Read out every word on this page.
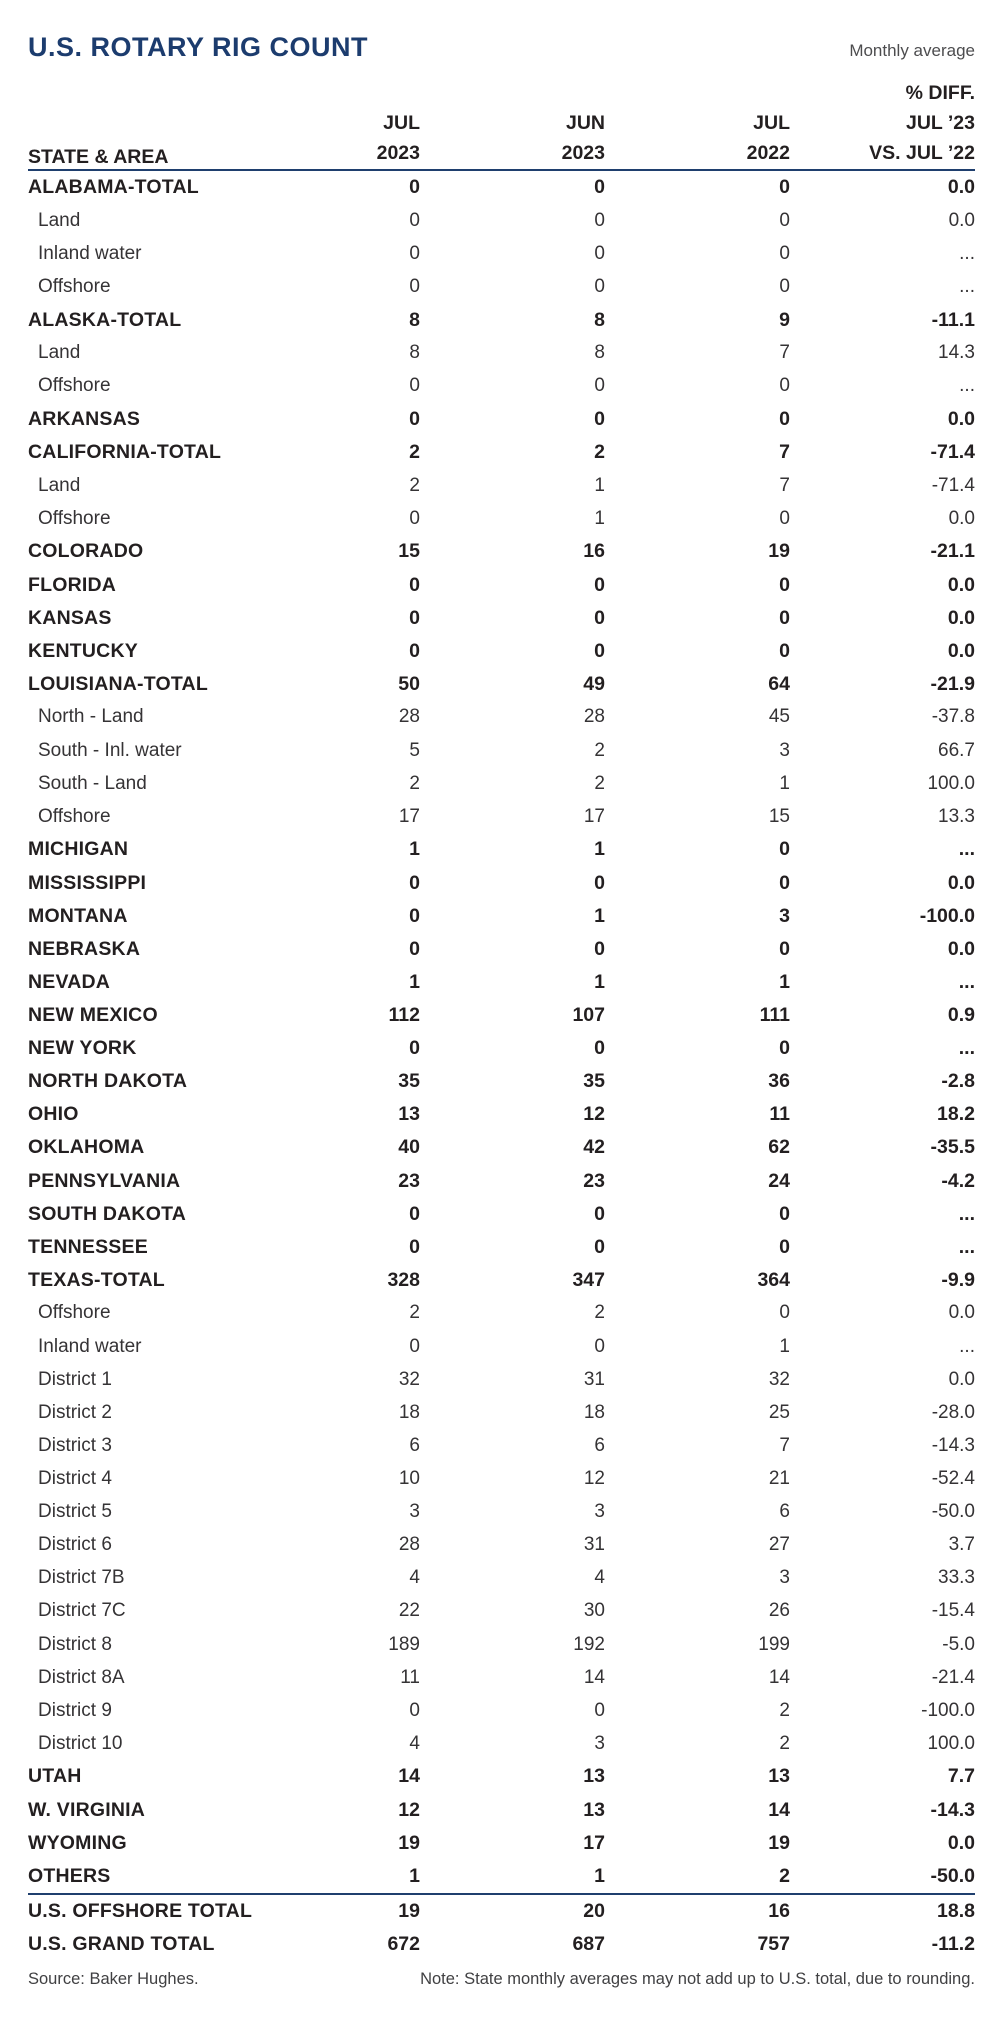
U.S. ROTARY RIG COUNT	Monthly average
% DIFF.
JUL	JUN	JUL	JUL ’23
STATE & AREA	2023	2023	2022	VS. JUL ’22
ALABAMA-TOTAL	0	0	0	0.0
Land	0	0	0	0.0
Inland water	0	0	0	...
Offshore	0	0	0	...
ALASKA-TOTAL	8	8	9	-11.1
Land	8	8	7	14.3
Offshore	0	0	0	...
ARKANSAS	0	0	0	0.0
CALIFORNIA-TOTAL	2	2	7	-71.4
Land	2	1	7	-71.4
Offshore	0	1	0	0.0
COLORADO	15	16	19	-21.1
FLORIDA	0	0	0	0.0
KANSAS	0	0	0	0.0
KENTUCKY	0	0	0	0.0
LOUISIANA-TOTAL	50	49	64	-21.9
North - Land	28	28	45	-37.8
South - Inl. water	5	2	3	66.7
South - Land	2	2	1	100.0
Offshore	17	17	15	13.3
MICHIGAN	1	1	0	...
MISSISSIPPI	0	0	0	0.0
MONTANA	0	1	3	-100.0
NEBRASKA	0	0	0	0.0
NEVADA	1	1	1	...
NEW MEXICO	112	107	111	0.9
NEW YORK	0	0	0	...
NORTH DAKOTA	35	35	36	-2.8
OHIO	13	12	11	18.2
OKLAHOMA	40	42	62	-35.5
PENNSYLVANIA	23	23	24	-4.2
SOUTH DAKOTA	0	0	0	...
TENNESSEE	0	0	0	...
TEXAS-TOTAL	328	347	364	-9.9
Offshore	2	2	0	0.0
Inland water	0	0	1	...
District 1	32	31	32	0.0
District 2	18	18	25	-28.0
District 3	6	6	7	-14.3
District 4	10	12	21	-52.4
District 5	3	3	6	-50.0
District 6	28	31	27	3.7
District 7B	4	4	3	33.3
District 7C	22	30	26	-15.4
District 8	189	192	199	-5.0
District 8A	11	14	14	-21.4
District 9	0	0	2	-100.0
District 10	4	3	2	100.0
UTAH	14	13	13	7.7
W. VIRGINIA	12	13	14	-14.3
WYOMING	19	17	19	0.0
OTHERS	1	1	2	-50.0
U.S. OFFSHORE TOTAL	19	20	16	18.8
U.S. GRAND TOTAL	672	687	757	-11.2
Source: Baker Hughes.	Note: State monthly averages may not add up to U.S. total, due to rounding.
